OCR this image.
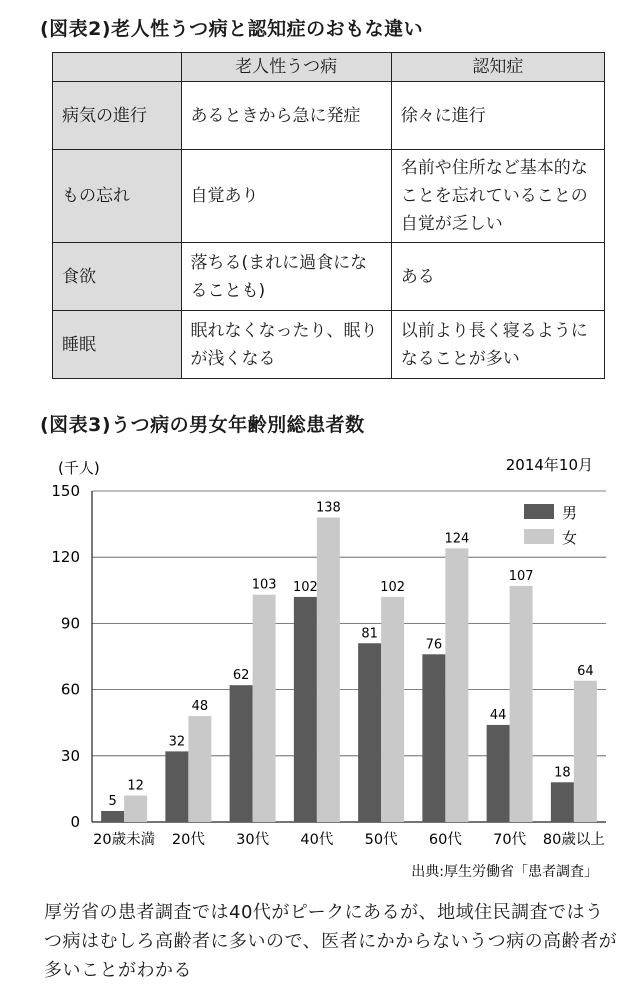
(図表2)老人性うつ病と認知症のおもな違い
	老人性うつ病	認知症
病気の進行	あるときから急に発症	徐々に進行
もの忘れ	自覚あり	名前や住所など基本的なことを忘れていることの自覚が乏しい
食欲	落ちる(まれに過食になることも)	ある
睡眠	眠れなくなったり、眠りが浅くなる	以前より長く寝るようになることが多い
(図表3)うつ病の男女年齢別総患者数
(千人)	2014年10月
0
30
60
90
120
150
5
12
20歳未満
32
48
20代
62
103
30代
102
138
40代
81
102
50代
76
124
60代
44
107
70代
18
64
80歳以上
男
女
出典:厚生労働省「患者調査」
厚労省の患者調査では40代がピークにあるが、地域住民調査ではうつ病はむしろ高齢者に多いので、医者にかからないうつ病の高齢者が多いことがわかる
